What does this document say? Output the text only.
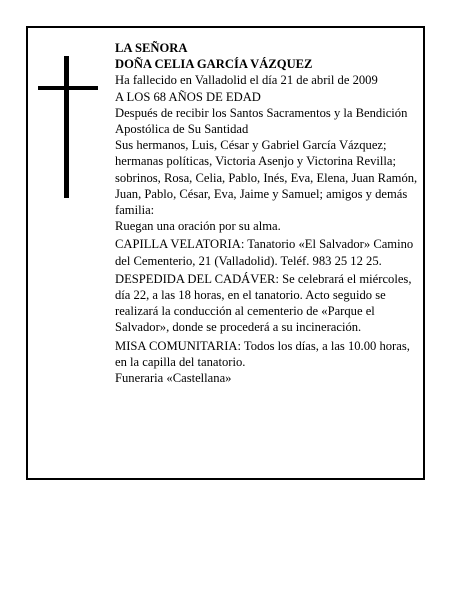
LA SEÑORA
DOÑA CELIA GARCÍA VÁZQUEZ
Ha fallecido en Valladolid el día 21 de abril de 2009
A LOS 68 AÑOS DE EDAD
Después de recibir los Santos Sacramentos y la Bendición Apostólica de Su Santidad
Sus hermanos, Luis, César y Gabriel García Vázquez; hermanas políticas, Victoria Asenjo y Victorina Revilla; sobrinos, Rosa, Celia, Pablo, Inés, Eva, Elena, Juan Ramón, Juan, Pablo, César, Eva, Jaime y Samuel; amigos y demás familia:
Ruegan una oración por su alma.
CAPILLA VELATORIA: Tanatorio «El Salvador» Camino del Cementerio, 21 (Valladolid). Teléf. 983 25 12 25.
DESPEDIDA DEL CADÁVER: Se celebrará el miércoles, día 22, a las 18 horas, en el tanatorio. Acto seguido se realizará la conducción al cementerio de «Parque el Salvador», donde se procederá a su incineración.
MISA COMUNITARIA: Todos los días, a las 10.00 horas, en la capilla del tanatorio.
Funeraria «Castellana»
